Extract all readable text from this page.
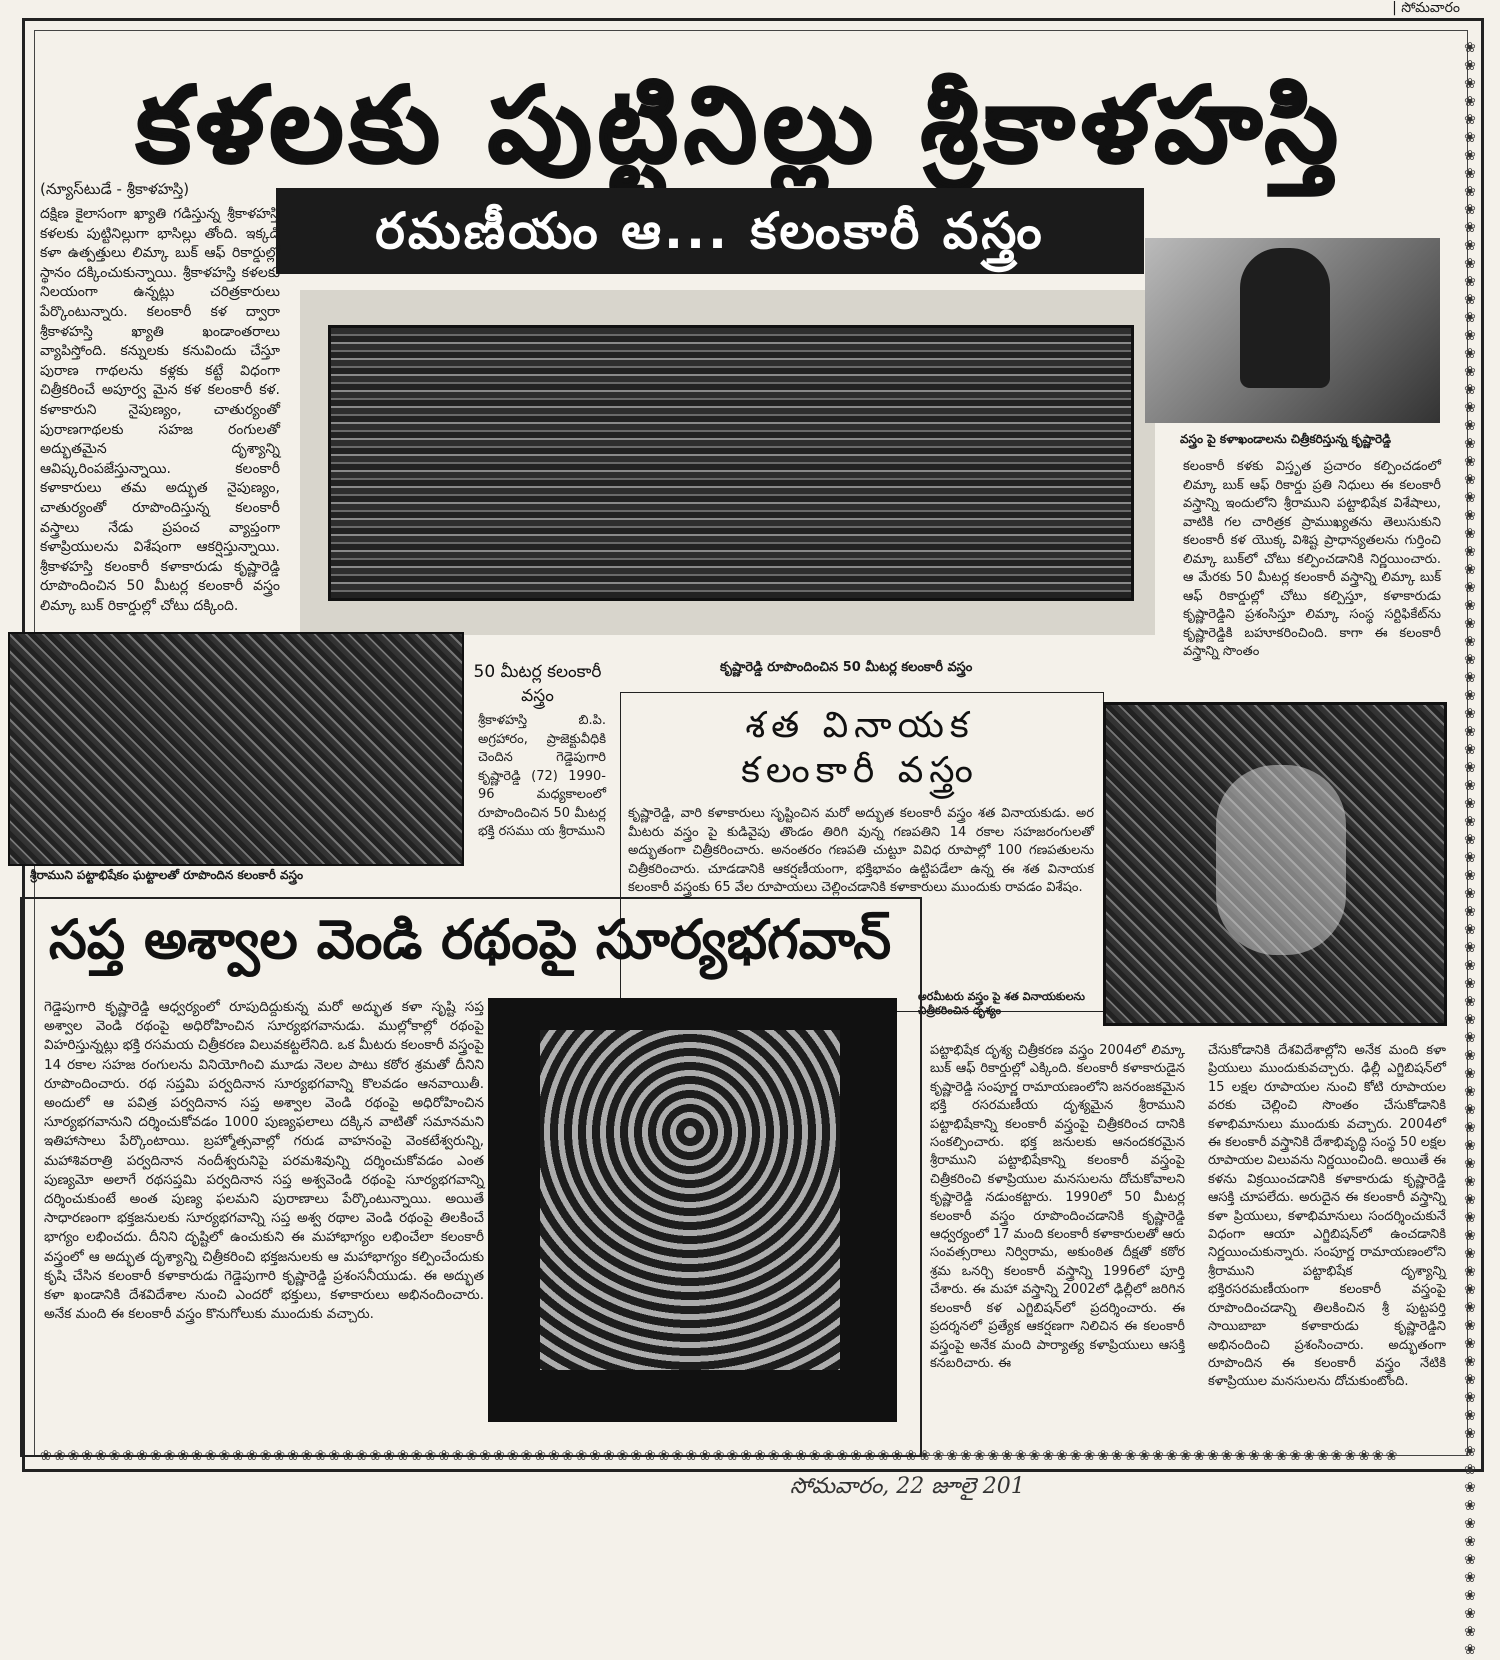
❀❀❀❀❀❀❀❀❀❀❀❀❀❀❀❀❀❀❀❀❀❀❀❀❀❀❀❀❀❀❀❀❀❀❀❀❀❀❀❀❀❀❀❀❀❀❀❀❀❀❀❀❀❀❀❀❀❀❀❀❀❀❀❀❀❀❀❀❀❀❀❀❀❀❀❀❀❀❀❀❀❀❀❀❀❀❀❀❀❀
❀❀❀❀❀❀❀❀❀❀❀❀❀❀❀❀❀❀❀❀❀❀❀❀❀❀❀❀❀❀❀❀❀❀❀❀❀❀❀❀❀❀❀❀❀❀❀❀❀❀❀❀❀❀❀❀❀❀❀❀❀❀❀❀❀❀❀❀❀❀❀❀❀❀❀❀❀❀❀❀❀❀❀❀❀❀❀❀❀❀❀❀❀❀❀❀❀❀❀
| సోమవారం
కళలకు పుట్టినిల్లు శ్రీకాళహస్తి
(న్యూస్‌టుడే - శ్రీకాళహస్తి)
రమణీయం ఆ... కలంకారీ వస్త్రం

దక్షిణ కైలాసంగా ఖ్యాతి గడిస్తున్న శ్రీకాళహస్తి కళలకు పుట్టినిల్లుగా భాసిల్లు తోంది. ఇక్కడి కళా ఉత్పత్తులు లిమ్కా బుక్ ఆఫ్ రికార్డుల్లో స్థానం దక్కించుకున్నాయి. శ్రీకాళహస్తి కళలకు నిలయంగా ఉన్నట్లు చరిత్రకారులు పేర్కొంటున్నారు. కలంకారీ కళ ద్వారా శ్రీకాళహస్తి ఖ్యాతి ఖండాంతరాలు వ్యాపిస్తోంది. కన్నులకు కనువిందు చేస్తూ పురాణ గాథలను కళ్లకు కట్టే విధంగా చిత్రీకరించే అపూర్వ మైన కళ కలంకారీ కళ. కళాకారుని నైపుణ్యం, చాతుర్యంతో పురాణగాథలకు సహజ రంగులతో అద్భుతమైన దృశ్యాన్ని ఆవిష్కరింపజేస్తున్నాయి. కలంకారీ కళాకారులు తమ అద్భుత నైపుణ్యం, చాతుర్యంతో రూపొందిస్తున్న కలంకారీ వస్త్రాలు నేడు ప్రపంచ వ్యాప్తంగా కళాప్రియులను విశేషంగా ఆకర్షిస్తున్నాయి. శ్రీకాళహస్తి కలంకారీ కళాకారుడు కృష్ణారెడ్డి రూపొందించిన 50 మీటర్ల కలంకారీ వస్త్రం లిమ్కా బుక్ రికార్డుల్లో చోటు దక్కింది.

కృష్ణారెడ్డి రూపొందించిన 50 మీటర్ల కలంకారీ వస్త్రం
వస్త్రం పై కళాఖండాలను చిత్రీకరిస్తున్న కృష్ణారెడ్డి

కలంకారీ కళకు విస్తృత ప్రచారం కల్పించడంలో లిమ్కా బుక్ ఆఫ్ రికార్డు ప్రతి నిధులు ఈ కలంకారీ వస్త్రాన్ని ఇందులోని శ్రీరాముని పట్టాభిషేక విశేషాలు, వాటికి గల చారిత్రక ప్రాముఖ్యతను తెలుసుకుని కలంకారీ కళ యొక్క విశిష్ట ప్రాధాన్యతలను గుర్తించి లిమ్కా బుక్‌లో చోటు కల్పించడానికి నిర్ణయించారు. ఆ మేరకు 50 మీటర్ల కలంకారీ వస్త్రాన్ని లిమ్కా బుక్ ఆఫ్ రికార్డుల్లో చోటు కల్పిస్తూ, కళాకారుడు కృష్ణారెడ్డిని ప్రశంసిస్తూ లిమ్కా సంస్థ సర్టిఫికేట్‌ను కృష్ణారెడ్డికి బహూకరించింది. కాగా ఈ కలంకారీ వస్త్రాన్ని సొంతం

శ్రీరాముని పట్టాభిషేకం ఘట్టాలతో రూపొందిన కలంకారీ వస్త్రం
50 మీటర్ల కలంకారీ వస్త్రం

శ్రీకాళహస్తి బి.పి. అగ్రహారం, ప్రాజెక్టువీధికి చెందిన గెడ్డెపుగారి కృష్ణారెడ్డి (72) 1990-96 మధ్యకాలంలో రూపొందించిన 50 మీటర్ల భక్తి రసము య శ్రీరాముని

శత వినాయక
కలంకారీ వస్త్రం

కృష్ణారెడ్డి, వారి కళాకారులు సృష్టించిన మరో అద్భుత కలంకారీ వస్త్రం శత వినాయకుడు. అర మీటరు వస్త్రం పై కుడివైపు తొండం తిరిగి వున్న గణపతిని 14 రకాల సహజరంగులతో అద్భుతంగా చిత్రీకరించారు. అనంతరం గణపతి చుట్టూ వివిధ రూపాల్లో 100 గణపతులను చిత్రీకరించారు. చూడడానికి ఆకర్షణీయంగా, భక్తిభావం ఉట్టిపడేలా ఉన్న ఈ శత వినాయక కలంకారీ వస్త్రంకు 65 వేల రూపాయలు చెల్లించడానికి కళాకారులు ముందుకు రావడం విశేషం.

అరమీటరు వస్త్రం పై శత వినాయకులను చిత్రీకరించిన దృశ్యం
సప్త అశ్వాల వెండి రథంపై సూర్యభగవాన్

గెడ్డెపుగారి కృష్ణారెడ్డి ఆధ్వర్యంలో రూపుదిద్దుకున్న మరో అద్భుత కళా సృష్టి సప్త అశ్వాల వెండి రథంపై అధిరోహించిన సూర్యభగవానుడు. ముల్లోకాల్లో రథంపై విహరిస్తున్నట్లు భక్తి రసమయ చిత్రీకరణ విలువకట్టలేనిది. ఒక మీటరు కలంకారీ వస్త్రంపై 14 రకాల సహజ రంగులను వినియోగించి మూడు నెలల పాటు కఠోర శ్రమతో దీనిని రూపొందించారు. రథ సప్తమి పర్వదినాన సూర్యభగవాన్ని కొలవడం ఆనవాయితీ. అందులో ఆ పవిత్ర పర్వదినాన సప్త అశ్వాల వెండి రథంపై అధిరోహించిన సూర్యభగవానుని దర్శించుకోవడం 1000 పుణ్యఫలాలు దక్కిన వాటితో సమానమని ఇతిహాసాలు పేర్కొంటాయి. బ్రహ్మోత్సవాల్లో గరుడ వాహనంపై వెంకటేశ్వరున్ని, మహాశివరాత్రి పర్వదినాన నందీశ్వరునిపై పరమశివున్ని దర్శించుకోవడం ఎంత పుణ్యమో అలాగే రథసప్తమి పర్వదినాన సప్త అశ్వవెండి రథంపై సూర్యభగవాన్ని దర్శించుకుంటే అంత పుణ్య ఫలమని పురాణాలు పేర్కొంటున్నాయి. అయితే సాధారణంగా భక్తజనులకు సూర్యభగవాన్ని సప్త అశ్వ రథాల వెండి రథంపై తిలకించే భాగ్యం లభించదు. దీనిని దృష్టిలో ఉంచుకుని ఈ మహాభాగ్యం లభించేలా కలంకారీ వస్త్రంలో ఆ అద్భుత దృశ్యాన్ని చిత్రీకరించి భక్తజనులకు ఆ మహాభాగ్యం కల్పించేందుకు కృషి చేసిన కలంకారీ కళాకారుడు గెడ్డెపుగారి కృష్ణారెడ్డి ప్రశంసనీయుడు. ఈ అద్భుత కళా ఖండానికి దేశవిదేశాల నుంచి ఎందరో భక్తులు, కళాకారులు అభినందించారు. అనేక మంది ఈ కలంకారీ వస్త్రం కొనుగోలుకు ముందుకు వచ్చారు.

పట్టాభిషేక దృశ్య చిత్రీకరణ వస్త్రం 2004లో లిమ్కా బుక్ ఆఫ్ రికార్డుల్లో ఎక్కింది. కలంకారీ కళాకారుడైన కృష్ణారెడ్డి సంపూర్ణ రామాయణంలోని జనరంజకమైన భక్తి రసరమణీయ దృశ్యమైన శ్రీరాముని పట్టాభిషేకాన్ని కలంకారీ వస్త్రంపై చిత్రీకరించ దానికి సంకల్పించారు. భక్త జనులకు ఆనందకరమైన శ్రీరాముని పట్టాభిషేకాన్ని కలంకారీ వస్త్రంపై చిత్రీకరించి కళాప్రియుల మనసులను దోచుకోవాలని కృష్ణారెడ్డి నడుంకట్టారు. 1990లో 50 మీటర్ల కలంకారీ వస్త్రం రూపొందించడానికి కృష్ణారెడ్డి ఆధ్వర్యంలో 17 మంది కలంకారీ కళాకారులతో ఆరు సంవత్సరాలు నిర్విరామ, అకుంఠిత దీక్షతో కఠోర శ్రమ ఒనర్చి కలంకారీ వస్త్రాన్ని 1996లో పూర్తి చేశారు. ఈ మహా వస్త్రాన్ని 2002లో ఢిల్లీలో జరిగిన కలంకారీ కళ ఎగ్జిబిషన్‌లో ప్రదర్శించారు. ఈ ప్రదర్శనలో ప్రత్యేక ఆకర్షణగా నిలిచిన ఈ కలంకారీ వస్త్రంపై అనేక మంది పార్యాత్య కళాప్రియులు ఆసక్తి కనబరిచారు. ఈ

చేసుకోడానికి దేశవిదేశాల్లోని అనేక మంది కళా ప్రియులు ముందుకువచ్చారు. ఢిల్లీ ఎగ్జిబిషన్‌లో 15 లక్షల రూపాయల నుంచి కోటి రూపాయల వరకు చెల్లించి సొంతం చేసుకోడానికి కళాభిమానులు ముందుకు వచ్చారు. 2004లో ఈ కలంకారీ వస్త్రానికి దేశాభివృద్ధి సంస్థ 50 లక్షల రూపాయల విలువను నిర్ణయించింది. అయితే ఈ కళను విక్రయించడానికి కళాకారుడు కృష్ణారెడ్డి ఆసక్తి చూపలేదు. అరుదైన ఈ కలంకారీ వస్త్రాన్ని కళా ప్రియులు, కళాభిమానులు సందర్శించుకునే విధంగా ఆయా ఎగ్జిబిషన్‌లో ఉంచడానికి నిర్ణయించుకున్నారు. సంపూర్ణ రామాయణంలోని శ్రీరాముని పట్టాభిషేక దృశ్యాన్ని భక్తిరసరమణీయంగా కలంకారీ వస్త్రంపై రూపొందించడాన్ని తిలకించిన శ్రీ పుట్టపర్తి సాయిబాబా కళాకారుడు కృష్ణారెడ్డిని అభినందించి ప్రశంసించారు. అద్భుతంగా రూపొందిన ఈ కలంకారీ వస్త్రం నేటికి కళాప్రియుల మనసులను దోచుకుంటోంది.

సోమవారం, 22 జూలై 201
